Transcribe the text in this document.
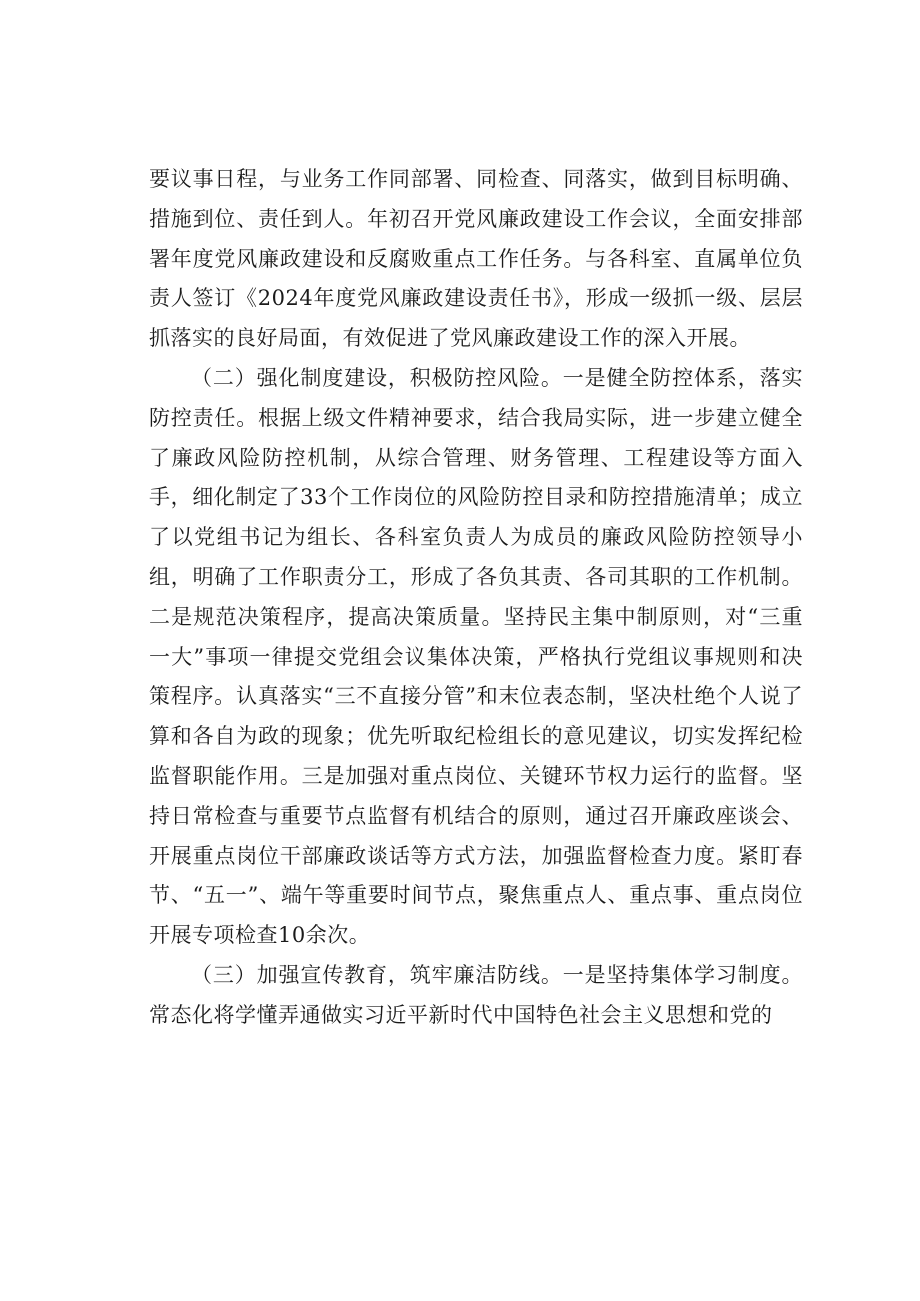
要议事日程，与业务工作同部署、同检查、同落实，做到目标明确、措施到位、责任到人。年初召开党风廉政建设工作会议，全面安排部署年度党风廉政建设和反腐败重点工作任务。与各科室、直属单位负责人签订《2024年度党风廉政建设责任书》，形成一级抓一级、层层抓落实的良好局面，有效促进了党风廉政建设工作的深入开展。

（二）强化制度建设，积极防控风险。一是健全防控体系，落实防控责任。根据上级文件精神要求，结合我局实际，进一步建立健全了廉政风险防控机制，从综合管理、财务管理、工程建设等方面入手，细化制定了33个工作岗位的风险防控目录和防控措施清单；成立了以党组书记为组长、各科室负责人为成员的廉政风险防控领导小组，明确了工作职责分工，形成了各负其责、各司其职的工作机制。二是规范决策程序，提高决策质量。坚持民主集中制原则，对“三重一大”事项一律提交党组会议集体决策，严格执行党组议事规则和决策程序。认真落实“三不直接分管”和末位表态制，坚决杜绝个人说了算和各自为政的现象；优先听取纪检组长的意见建议，切实发挥纪检监督职能作用。三是加强对重点岗位、关键环节权力运行的监督。坚持日常检查与重要节点监督有机结合的原则，通过召开廉政座谈会、开展重点岗位干部廉政谈话等方式方法，加强监督检查力度。紧盯春节、“五一”、端午等重要时间节点，聚焦重点人、重点事、重点岗位开展专项检查10余次。

（三）加强宣传教育，筑牢廉洁防线。一是坚持集体学习制度。常态化将学懂弄通做实习近平新时代中国特色社会主义思想和党的
